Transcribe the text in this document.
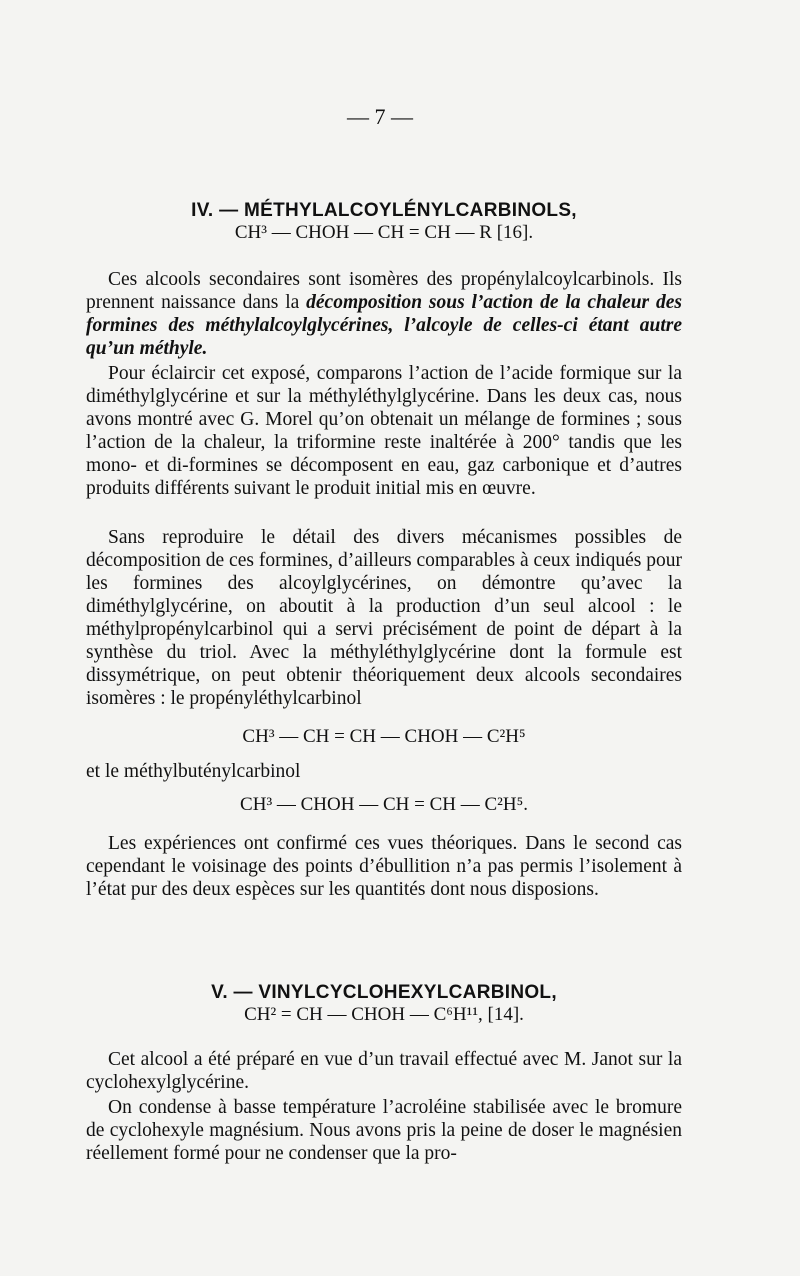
— 7 —
IV. — MÉTHYLALCOYLÉNYLCARBINOLS,
CH³ — CHOH — CH = CH — R [16].
Ces alcools secondaires sont isomères des propénylalcoylcarbinols. Ils prennent naissance dans la décomposition sous l’action de la chaleur des formines des méthylalcoylglycérines, l’alcoyle de celles-ci étant autre qu’un méthyle.
Pour éclaircir cet exposé, comparons l’action de l’acide formique sur la diméthylglycérine et sur la méthyléthylglycérine. Dans les deux cas, nous avons montré avec G. Morel qu’on obtenait un mélange de formines ; sous l’action de la chaleur, la triformine reste inaltérée à 200° tandis que les mono- et di-formines se décomposent en eau, gaz carbonique et d’autres produits différents suivant le produit initial mis en œuvre.
Sans reproduire le détail des divers mécanismes possibles de décomposition de ces formines, d’ailleurs comparables à ceux indiqués pour les formines des alcoylglycérines, on démontre qu’avec la diméthylglycérine, on aboutit à la production d’un seul alcool : le méthylpropénylcarbinol qui a servi précisément de point de départ à la synthèse du triol. Avec la méthyléthylglycérine dont la formule est dissymétrique, on peut obtenir théoriquement deux alcools secondaires isomères : le propényléthylcarbinol
CH³ — CH = CH — CHOH — C²H⁵
et le méthylbuténylcarbinol
CH³ — CHOH — CH = CH — C²H⁵.
Les expériences ont confirmé ces vues théoriques. Dans le second cas cependant le voisinage des points d’ébullition n’a pas permis l’isolement à l’état pur des deux espèces sur les quantités dont nous disposions.
V. — VINYLCYCLOHEXYLCARBINOL,
CH² = CH — CHOH — C⁶H¹¹, [14].
Cet alcool a été préparé en vue d’un travail effectué avec M. Janot sur la cyclohexylglycérine.
On condense à basse température l’acroléine stabilisée avec le bromure de cyclohexyle magnésium. Nous avons pris la peine de doser le magnésien réellement formé pour ne condenser que la pro-
